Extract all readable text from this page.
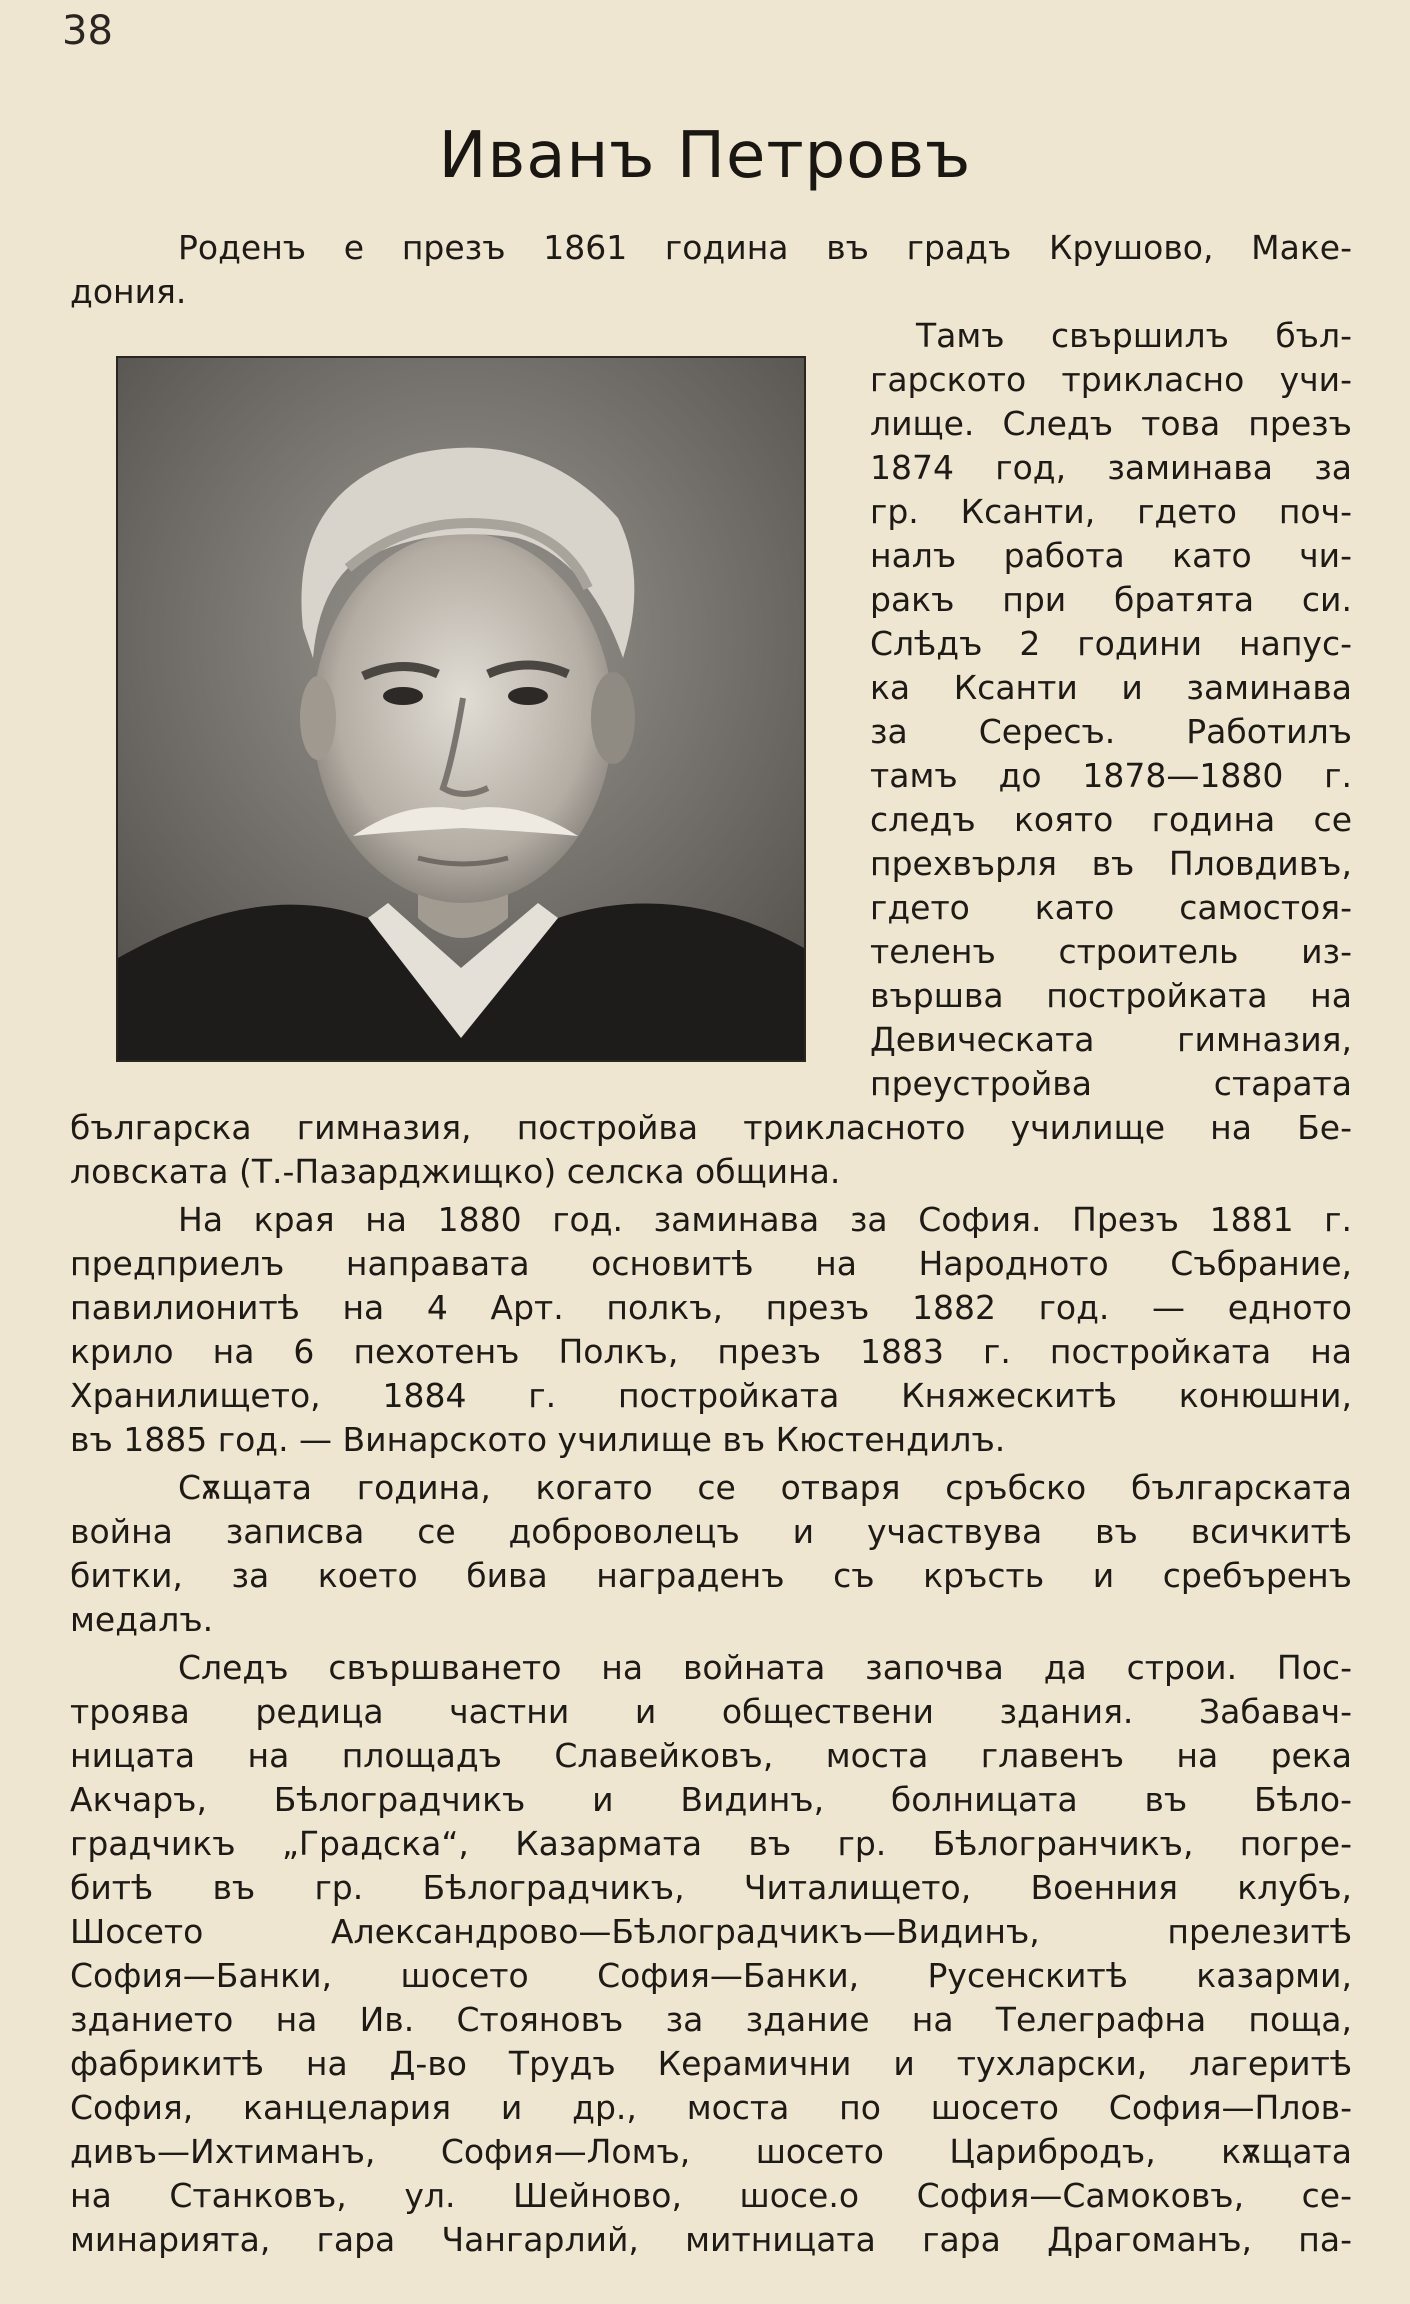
38
Иванъ Петровъ

Роденъ е презъ 1861 година въ градъ Крушово, Маке-

дония.

Тамъ свършилъ бъл-

гарското трикласно учи-

лище. Следъ това презъ

1874 год, заминава за

гр. Ксанти, гдето поч-

налъ работа като чи-

ракъ при братята си.

Слѣдъ 2 години напус-

ка Ксанти и заминава

за Сересъ. Работилъ

тамъ до 1878—1880 г.

следъ която година се

прехвърля въ Пловдивъ,

гдето като самостоя-

теленъ строитель из-

вършва постройката на

Девическата гимназия,

преустройва старата

българска гимназия, постройва трикласното училище на Бе-

ловската (Т.-Пазарджищко) селска община.

На края на 1880 год. заминава за София. Презъ 1881 г.

предприелъ направата основитѣ на Народното Събрание,

павилионитѣ на 4 Арт. полкъ, презъ 1882 год. — едното

крило на 6 пехотенъ Полкъ, презъ 1883 г. постройката на

Хранилището, 1884 г. постройката Княжескитѣ конюшни,

въ 1885 год. — Винарското училище въ Кюстендилъ.

Сѫщата година, когато се отваря сръбско българската

война записва се доброволецъ и участвува въ всичкитѣ

битки, за което бива награденъ съ кръсть и сребъренъ

медалъ.

Следъ свършването на войната започва да строи. Пос-

троява редица частни и обществени здания. Забавач-

ницата на площадъ Славейковъ, моста главенъ на река

Акчаръ, Бѣлоградчикъ и Видинъ, болницата въ Бѣло-

градчикъ „Градска“, Казармата въ гр. Бѣлогранчикъ, погре-

битѣ въ гр. Бѣлоградчикъ, Читалището, Военния клубъ,

Шосето Александрово—Бѣлоградчикъ—Видинъ, прелезитѣ

София—Банки, шосето София—Банки, Русенскитѣ казарми,

зданието на Ив. Стояновъ за здание на Телеграфна поща,

фабрикитѣ на Д-во Трудъ Керамични и тухларски, лагеритѣ

София, канцелария и др., моста по шосето София—Плов-

дивъ—Ихтиманъ, София—Ломъ, шосето Царибродъ, кѫщата

на Станковъ, ул. Шейново, шосе.о София—Самоковъ, се-

минарията, гара Чангарлий, митницата гара Драгоманъ, па-
